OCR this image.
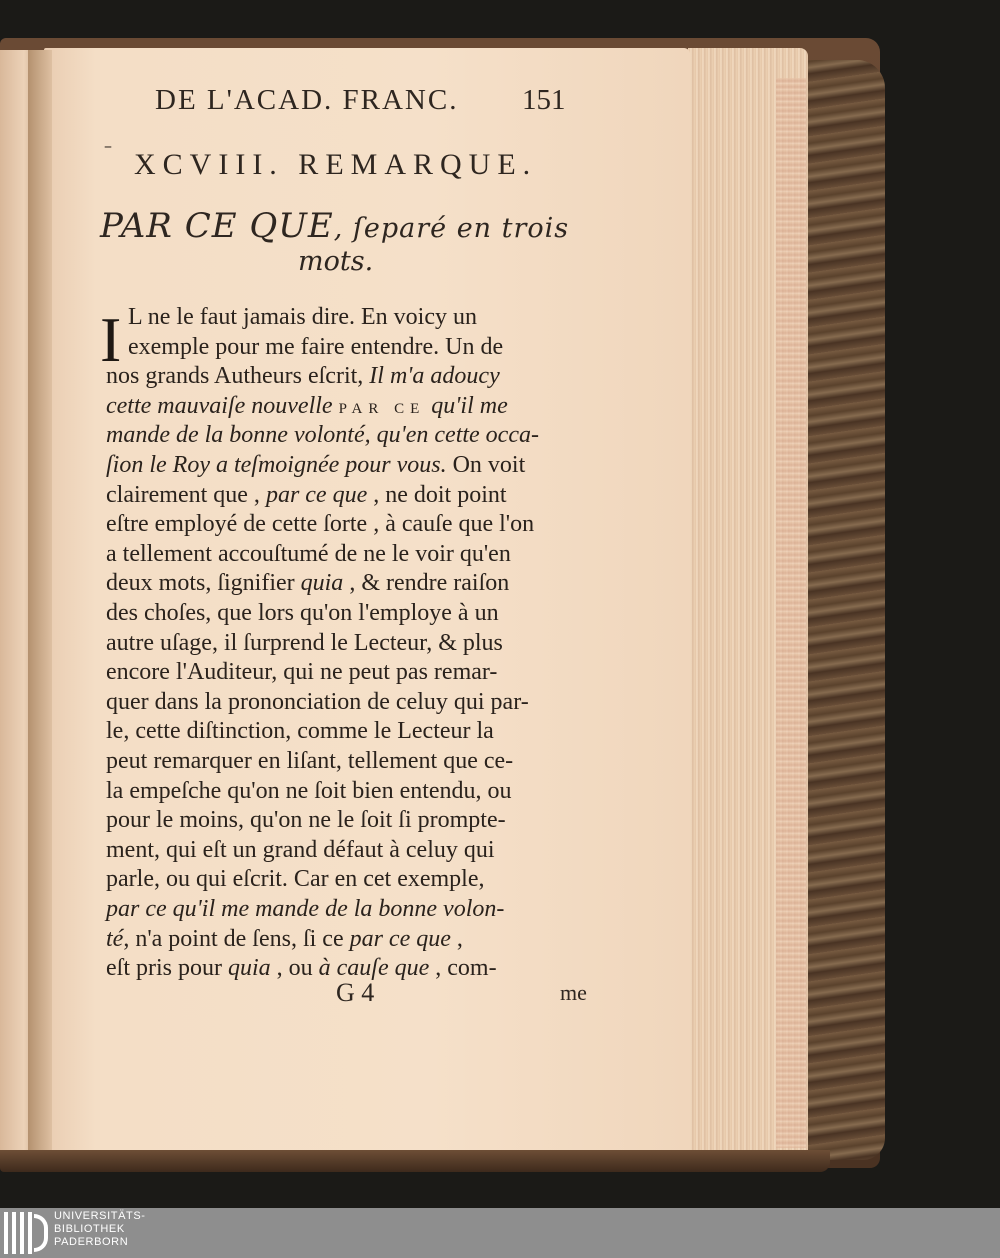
DE L'ACAD. FRANC. 151
–
XCVIII. REMARQUE.
PAR CE QUE, ſeparé en trois
mots.
I L ne le faut jamais dire. En voicy un
exemple pour me faire entendre. Un de
nos grands Autheurs eſcrit, Il m'a adoucy
cette mauvaiſe nouvelle PAR CE qu'il me
mande de la bonne volonté, qu'en cette occa-
ſion le Roy a teſmoignée pour vous. On voit
clairement que , par ce que , ne doit point
eſtre employé de cette ſorte , à cauſe que l'on
a tellement accouſtumé de ne le voir qu'en
deux mots, ſignifier quia , & rendre raiſon
des choſes, que lors qu'on l'employe à un
autre uſage, il ſurprend le Lecteur, & plus
encore l'Auditeur, qui ne peut pas remar-
quer dans la prononciation de celuy qui par-
le, cette diſtinction, comme le Lecteur la
peut remarquer en liſant, tellement que ce-
la empeſche qu'on ne ſoit bien entendu, ou
pour le moins, qu'on ne le ſoit ſi prompte-
ment, qui eſt un grand défaut à celuy qui
parle, ou qui eſcrit. Car en cet exemple,
par ce qu'il me mande de la bonne volon-
té, n'a point de ſens, ſi ce par ce que ,
eſt pris pour quia , ou à cauſe que , com-
G 4	me
UNIVERSITÄTS-
BIBLIOTHEK
PADERBORN
